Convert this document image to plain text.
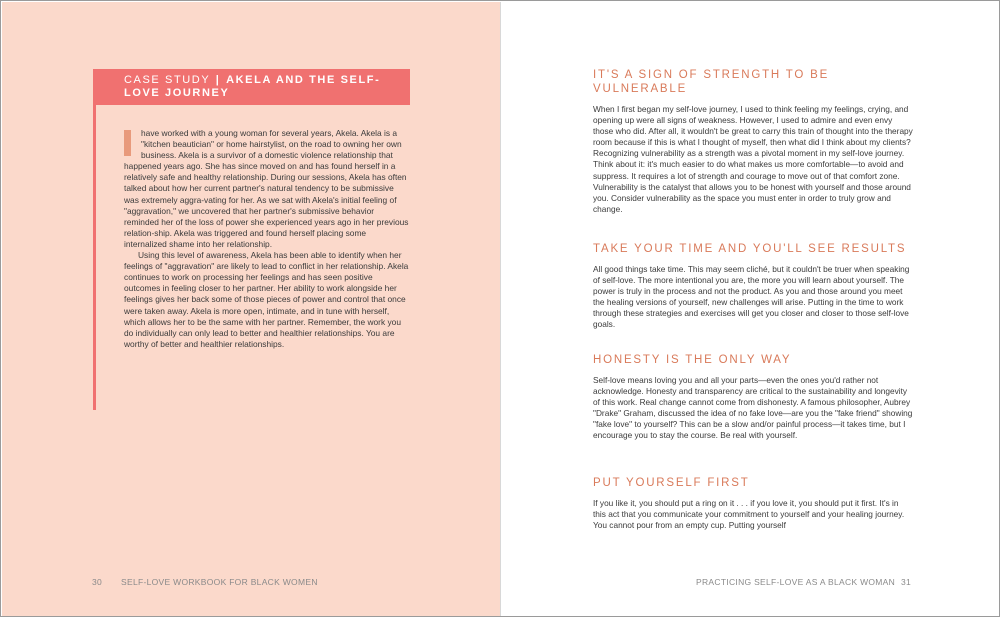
CASE STUDY | AKELA AND THE SELF-LOVE JOURNEY

have worked with a young woman for several years, Akela. Akela is a "kitchen beautician" or home hairstylist, on the road to owning her own business. Akela is a survivor of a domestic violence relationship that happened years ago. She has since moved on and has found herself in a relatively safe and healthy relationship. During our sessions, Akela has often talked about how her current partner's natural tendency to be submissive was extremely aggra-vating for her. As we sat with Akela's initial feeling of "aggravation," we uncovered that her partner's submissive behavior reminded her of the loss of power she experienced years ago in her previous relation-ship. Akela was triggered and found herself placing some internalized shame into her relationship.

Using this level of awareness, Akela has been able to identify when her feelings of "aggravation" are likely to lead to conflict in her relationship. Akela continues to work on processing her feelings and has seen positive outcomes in feeling closer to her partner. Her ability to work alongside her feelings gives her back some of those pieces of power and control that once were taken away. Akela is more open, intimate, and in tune with herself, which allows her to be the same with her partner. Remember, the work you do individually can only lead to better and healthier relationships. You are worthy of better and healthier relationships.

30 SELF-LOVE WORKBOOK FOR BLACK WOMEN
IT'S A SIGN OF STRENGTH TO BE VULNERABLE

When I first began my self-love journey, I used to think feeling my feelings, crying, and opening up were all signs of weakness. However, I used to admire and even envy those who did. After all, it wouldn't be great to carry this train of thought into the therapy room because if this is what I thought of myself, then what did I think about my clients? Recognizing vulnerability as a strength was a pivotal moment in my self-love journey. Think about it: it's much easier to do what makes us more comfortable—to avoid and suppress. It requires a lot of strength and courage to move out of that comfort zone. Vulnerability is the catalyst that allows you to be honest with yourself and those around you. Consider vulnerability as the space you must enter in order to truly grow and change.

TAKE YOUR TIME AND YOU'LL SEE RESULTS

All good things take time. This may seem cliché, but it couldn't be truer when speaking of self-love. The more intentional you are, the more you will learn about yourself. The power is truly in the process and not the product. As you and those around you meet the healing versions of yourself, new challenges will arise. Putting in the time to work through these strategies and exercises will get you closer and closer to those self-love goals.

HONESTY IS THE ONLY WAY

Self-love means loving you and all your parts—even the ones you'd rather not acknowledge. Honesty and transparency are critical to the sustainability and longevity of this work. Real change cannot come from dishonesty. A famous philosopher, Aubrey "Drake" Graham, discussed the idea of no fake love—are you the "fake friend" showing "fake love" to yourself? This can be a slow and/or painful process—it takes time, but I encourage you to stay the course. Be real with yourself.

PUT YOURSELF FIRST

If you like it, you should put a ring on it . . . if you love it, you should put it first. It's in this act that you communicate your commitment to yourself and your healing journey. You cannot pour from an empty cup. Putting yourself

PRACTICING SELF-LOVE AS A BLACK WOMAN 31
